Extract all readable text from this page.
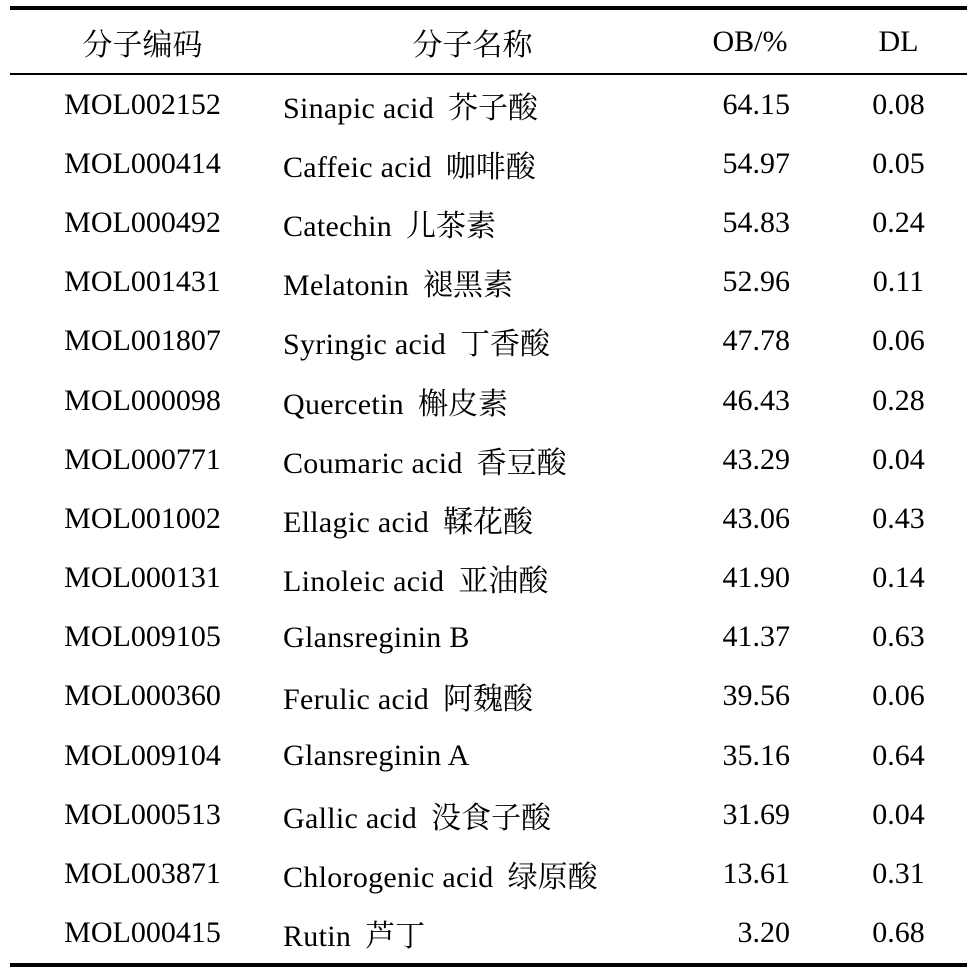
分子编码	分子名称	OB/%	DL
MOL002152	Sinapic acid 芥子酸	64.15	0.08
MOL000414	Caffeic acid 咖啡酸	54.97	0.05
MOL000492	Catechin 儿茶素	54.83	0.24
MOL001431	Melatonin 褪黑素	52.96	0.11
MOL001807	Syringic acid 丁香酸	47.78	0.06
MOL000098	Quercetin 槲皮素	46.43	0.28
MOL000771	Coumaric acid 香豆酸	43.29	0.04
MOL001002	Ellagic acid 鞣花酸	43.06	0.43
MOL000131	Linoleic acid 亚油酸	41.90	0.14
MOL009105	Glansreginin B	41.37	0.63
MOL000360	Ferulic acid 阿魏酸	39.56	0.06
MOL009104	Glansreginin A	35.16	0.64
MOL000513	Gallic acid 没食子酸	31.69	0.04
MOL003871	Chlorogenic acid 绿原酸	13.61	0.31
MOL000415	Rutin 芦丁	3.20	0.68
